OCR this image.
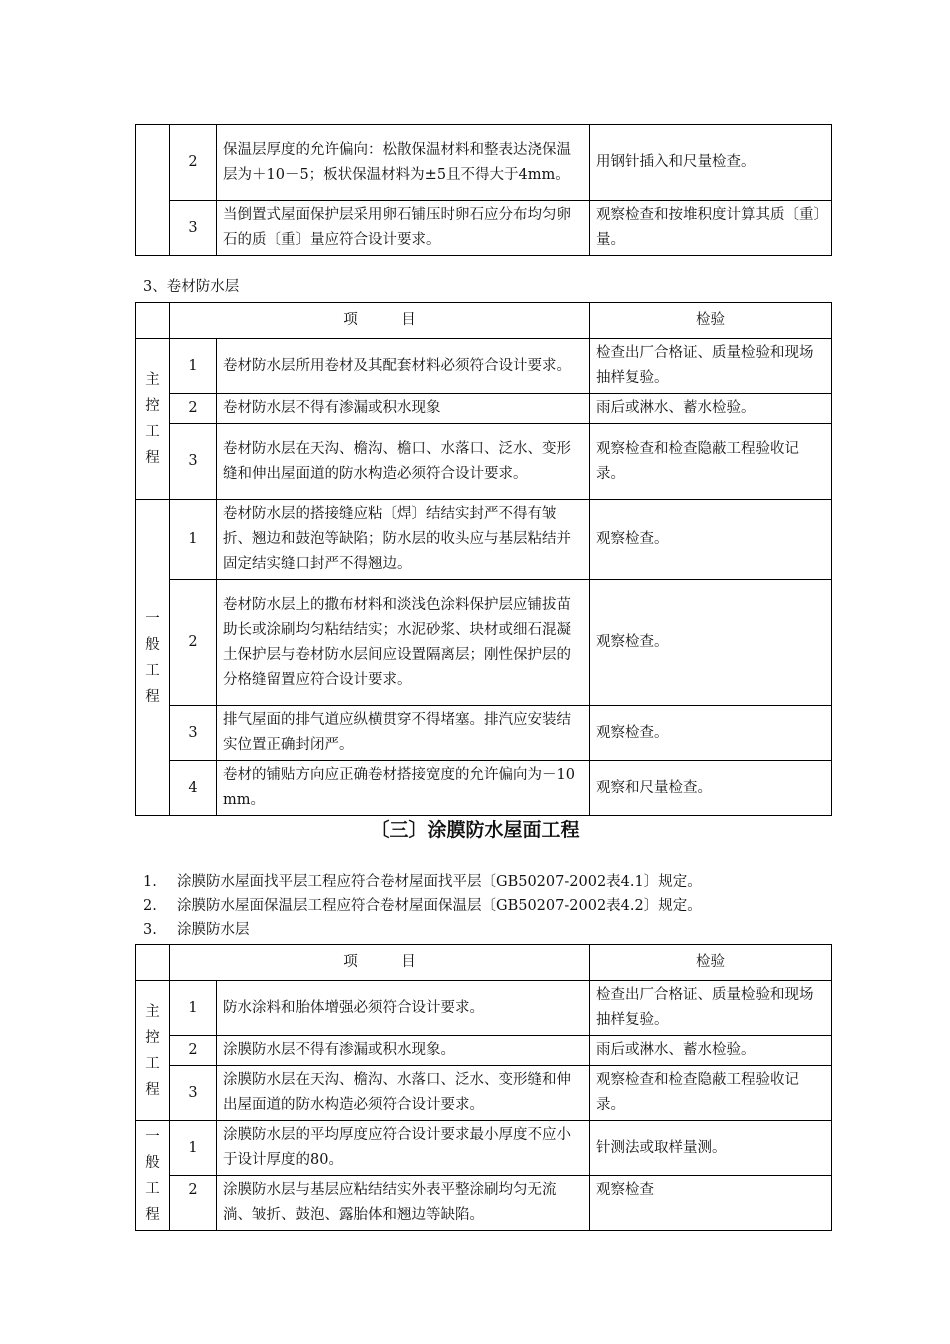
	2	保温层厚度的允许偏向：松散保温材料和整表达浇保温层为＋10－5；板状保温材料为±5且不得大于4mm。	用钢针插入和尺量检查。
	3	当倒置式屋面保护层采用卵石铺压时卵石应分布均匀卵石的质〔重〕量应符合设计要求。	观察检查和按堆积度计算其质〔重〕量。
3、卷材防水层
	项　　　目		检验
主控工程	1	卷材防水层所用卷材及其配套材料必须符合设计要求。	检查出厂合格证、质量检验和现场抽样复验。
	2	卷材防水层不得有渗漏或积水现象	雨后或淋水、蓄水检验。
	3	卷材防水层在天沟、檐沟、檐口、水落口、泛水、变形缝和伸出屋面道的防水构造必须符合设计要求。	观察检查和检查隐蔽工程验收记录。
一般工程	1	卷材防水层的搭接缝应粘〔焊〕结结实封严不得有皱折、翘边和鼓泡等缺陷；防水层的收头应与基层粘结并固定结实缝口封严不得翘边。	观察检查。
	2	卷材防水层上的撒布材料和淡浅色涂料保护层应铺拔苗助长或涂刷均匀粘结结实；水泥砂浆、块材或细石混凝土保护层与卷材防水层间应设置隔离层；刚性保护层的分格缝留置应符合设计要求。	观察检查。
	3	排气屋面的排气道应纵横贯穿不得堵塞。排汽应安装结实位置正确封闭严。	观察检查。
	4	卷材的铺贴方向应正确卷材搭接宽度的允许偏向为－10mm。	观察和尺量检查。
〔三〕涂膜防水屋面工程
1.	涂膜防水屋面找平层工程应符合卷材屋面找平层〔GB50207-2002表4.1〕规定。
2.	涂膜防水屋面保温层工程应符合卷材屋面保温层〔GB50207-2002表4.2〕规定。
3.	涂膜防水层
	项　　　目		检验
主控工程	1	防水涂料和胎体增强必须符合设计要求。	检查出厂合格证、质量检验和现场抽样复验。
	2	涂膜防水层不得有渗漏或积水现象。	雨后或淋水、蓄水检验。
	3	涂膜防水层在天沟、檐沟、水落口、泛水、变形缝和伸出屋面道的防水构造必须符合设计要求。	观察检查和检查隐蔽工程验收记录。
一般工程	1	涂膜防水层的平均厚度应符合设计要求最小厚度不应小于设计厚度的80。	针测法或取样量测。
	2	涂膜防水层与基层应粘结结实外表平整涂刷均匀无流淌、皱折、鼓泡、露胎体和翘边等缺陷。	观察检查
